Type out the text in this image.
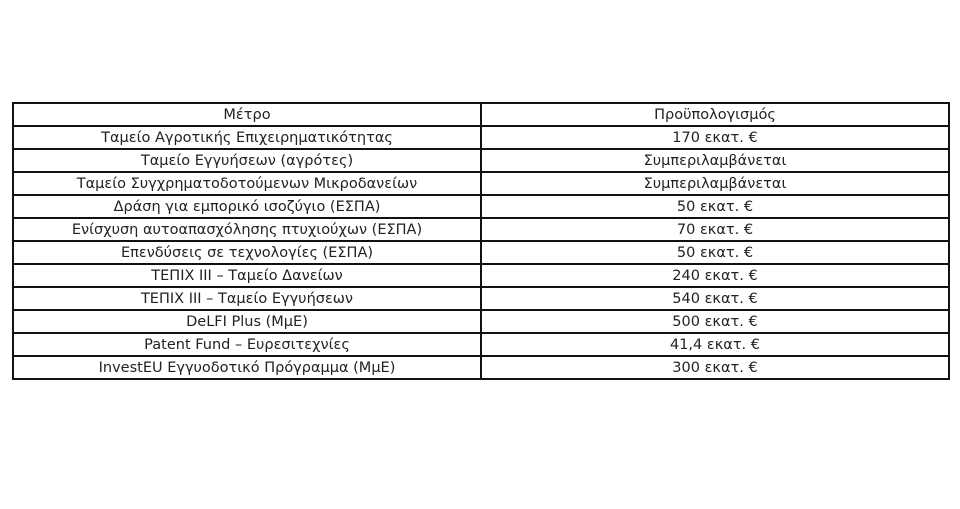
Μέτρο	Προϋπολογισμός
Ταμείο Αγροτικής Επιχειρηματικότητας	170 εκατ. €
Ταμείο Εγγυήσεων (αγρότες)	Συμπεριλαμβάνεται
Ταμείο Συγχρηματοδοτούμενων Μικροδανείων	Συμπεριλαμβάνεται
Δράση για εμπορικό ισοζύγιο (ΕΣΠΑ)	50 εκατ. €
Ενίσχυση αυτοαπασχόλησης πτυχιούχων (ΕΣΠΑ)	70 εκατ. €
Επενδύσεις σε τεχνολογίες (ΕΣΠΑ)	50 εκατ. €
ΤΕΠΙΧ ΙΙΙ – Ταμείο Δανείων	240 εκατ. €
ΤΕΠΙΧ ΙΙΙ – Ταμείο Εγγυήσεων	540 εκατ. €
DeLFI Plus (ΜμΕ)	500 εκατ. €
Patent Fund – Ευρεσιτεχνίες	41,4 εκατ. €
InvestEU Εγγυοδοτικό Πρόγραμμα (ΜμΕ)	300 εκατ. €
